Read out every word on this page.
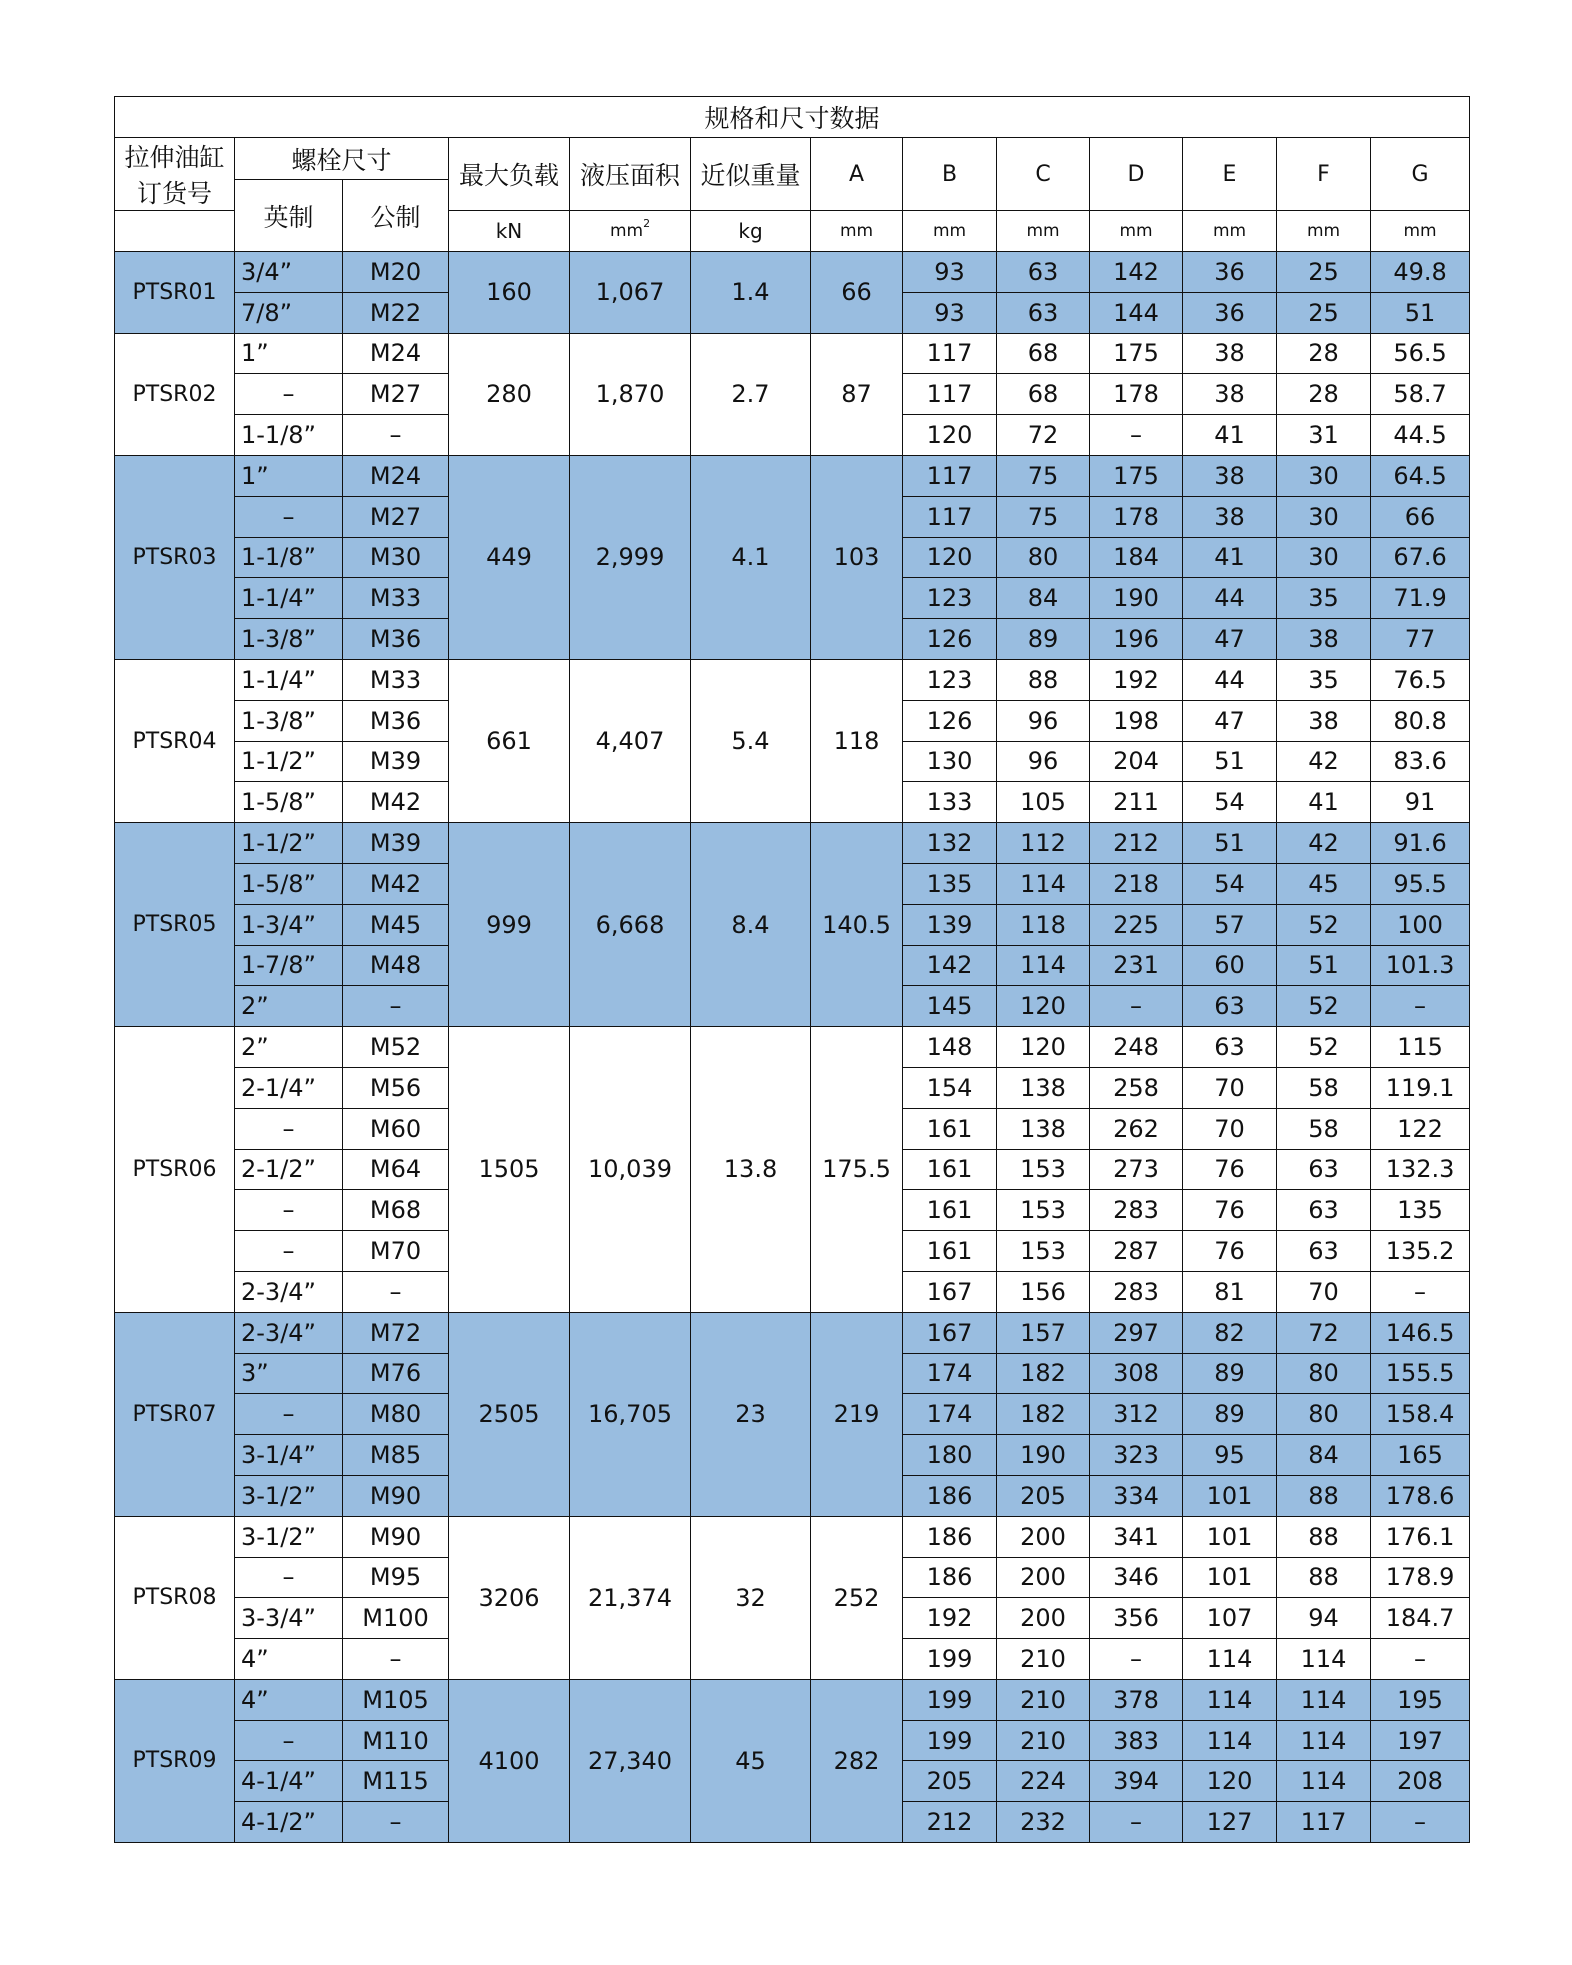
规格和尺寸数据												
拉伸油缸
订货号	螺栓尺寸		最大负载	液压面积	近似重量	A	B	C	D	E	F	G
	英制	公制										
			kN	$mm^2$	kg	mm	mm	mm	mm	mm	mm	mm
PTSR01	3/4”	M20	160	1,067	1.4	66	93	63	142	36	25	49.8
	7/8”	M22					93	63	144	36	25	51
PTSR02	1”	M24	280	1,870	2.7	87	117	68	175	38	28	56.5
	–	M27					117	68	178	38	28	58.7
	1-1/8”	–					120	72	–	41	31	44.5
PTSR03	1”	M24	449	2,999	4.1	103	117	75	175	38	30	64.5
	–	M27					117	75	178	38	30	66
	1-1/8”	M30					120	80	184	41	30	67.6
	1-1/4”	M33					123	84	190	44	35	71.9
	1-3/8”	M36					126	89	196	47	38	77
PTSR04	1-1/4”	M33	661	4,407	5.4	118	123	88	192	44	35	76.5
	1-3/8”	M36					126	96	198	47	38	80.8
	1-1/2”	M39					130	96	204	51	42	83.6
	1-5/8”	M42					133	105	211	54	41	91
PTSR05	1-1/2”	M39	999	6,668	8.4	140.5	132	112	212	51	42	91.6
	1-5/8”	M42					135	114	218	54	45	95.5
	1-3/4”	M45					139	118	225	57	52	100
	1-7/8”	M48					142	114	231	60	51	101.3
	2”	–					145	120	–	63	52	–
PTSR06	2”	M52	1505	10,039	13.8	175.5	148	120	248	63	52	115
	2-1/4”	M56					154	138	258	70	58	119.1
	–	M60					161	138	262	70	58	122
	2-1/2”	M64					161	153	273	76	63	132.3
	–	M68					161	153	283	76	63	135
	–	M70					161	153	287	76	63	135.2
	2-3/4”	–					167	156	283	81	70	–
PTSR07	2-3/4”	M72	2505	16,705	23	219	167	157	297	82	72	146.5
	3”	M76					174	182	308	89	80	155.5
	–	M80					174	182	312	89	80	158.4
	3-1/4”	M85					180	190	323	95	84	165
	3-1/2”	M90					186	205	334	101	88	178.6
PTSR08	3-1/2”	M90	3206	21,374	32	252	186	200	341	101	88	176.1
	–	M95					186	200	346	101	88	178.9
	3-3/4”	M100					192	200	356	107	94	184.7
	4”	–					199	210	–	114	114	–
PTSR09	4”	M105	4100	27,340	45	282	199	210	378	114	114	195
	–	M110					199	210	383	114	114	197
	4-1/4”	M115					205	224	394	120	114	208
	4-1/2”	–					212	232	–	127	117	–
